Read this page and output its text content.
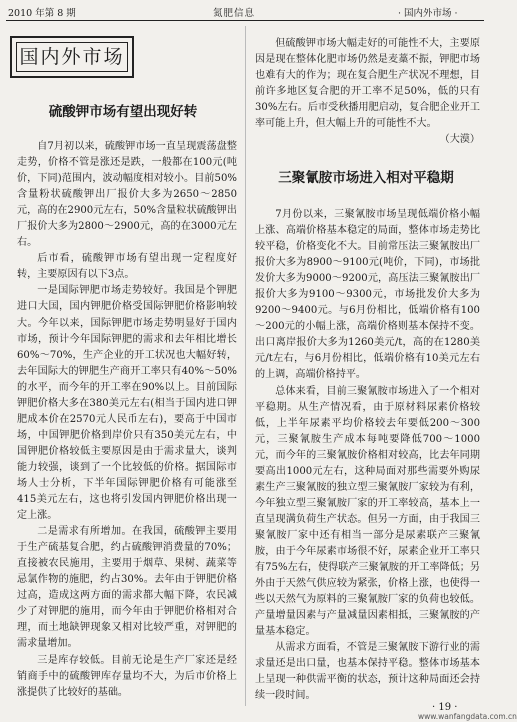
2010 年第 8 期	氮肥信息	· 国内外市场 ·
国内外市场
硫酸钾市场有望出现好转

自7月初以来，硫酸钾市场一直呈现震荡盘整走势，价格不管是涨还是跌，一般都在100元(吨价，下同)范围内，波动幅度相对较小。目前50%含量粉状硫酸钾出厂报价大多为2650～2850元，高的在2900元左右，50%含量粒状硫酸钾出厂报价大多为2800～2900元，高的在3000元左右。

后市看，硫酸钾市场有望出现一定程度好转，主要原因有以下3点。

一是国际钾肥市场走势较好。我国是个钾肥进口大国，国内钾肥价格受国际钾肥价格影响较大。今年以来，国际钾肥市场走势明显好于国内市场，预计今年国际钾肥的需求和去年相比增长60%～70%，生产企业的开工状况也大幅好转，去年国际大的钾肥生产商开工率只有40%～50%的水平，而今年的开工率在90%以上。目前国际钾肥价格大多在380美元左右(相当于国内进口钾肥成本价在2570元人民币左右)，要高于中国市场，中国钾肥价格到岸价只有350美元左右，中国钾肥价格较低主要原因是由于需求量大，谈判能力较强，谈到了一个比较低的价格。据国际市场人士分析，下半年国际钾肥价格有可能涨至415美元左右，这也将引发国内钾肥价格出现一定上涨。

二是需求有所增加。在我国，硫酸钾主要用于生产硫基复合肥，约占硫酸钾消费量的70%；直接被农民施用，主要用于烟草、果树、蔬菜等忌氯作物的施肥，约占30%。去年由于钾肥价格过高，造成这两方面的需求都大幅下降，农民减少了对钾肥的施用，而今年由于钾肥价格相对合理，而土地缺钾现象又相对比较严重，对钾肥的需求量增加。

三是库存较低。目前无论是生产厂家还是经销商手中的硫酸钾库存量均不大，为后市价格上涨提供了比较好的基础。

但硫酸钾市场大幅走好的可能性不大，主要原因是现在整体化肥市场仍然是麦藁不振，钾肥市场也难有大的作为；现在复合肥生产状况不理想，目前许多地区复合肥的开工率不足50%，低的只有30%左右。后市受秋播用肥启动，复合肥企业开工率可能上升，但大幅上升的可能性不大。

（大漠）

三聚氰胺市场进入相对平稳期

7月份以来，三聚氰胺市场呈现低端价格小幅上涨、高端价格基本稳定的局面，整体市场走势比较平稳，价格变化不大。目前常压法三聚氰胺出厂报价大多为8900～9100元(吨价，下同)，市场批发价大多为9000～9200元，高压法三聚氰胺出厂报价大多为9100～9300元，市场批发价大多为9200～9400元。与6月份相比，低端价格有100～200元的小幅上涨，高端价格则基本保持不变。出口离岸报价大多为1260美元/t，高的在1280美元/t左右，与6月份相比，低端价格有10美元左右的上调，高端价格持平。

总体来看，目前三聚氰胺市场进入了一个相对平稳期。从生产情况看，由于原材料尿素价格较低，上半年尿素平均价格较去年要低200～300元，三聚氰胺生产成本每吨要降低700～1000元，而今年的三聚氰胺价格相对较高，比去年同期要高出1000元左右，这种局面对那些需要外购尿素生产三聚氰胺的独立型三聚氰胺厂家较为有利，今年独立型三聚氰胺厂家的开工率较高，基本上一直呈现满负荷生产状态。但另一方面，由于我国三聚氰胺厂家中还有相当一部分是尿素联产三聚氰胺，由于今年尿素市场很不好，尿素企业开工率只有75%左右，使得联产三聚氰胺的开工率降低；另外由于天然气供应较为紧张，价格上涨，也使得一些以天然气为原料的三聚氰胺厂家的负荷也较低。产量增量因素与产量减量因素相抵，三聚氰胺的产量基本稳定。

从需求方面看，不管是三聚氰胺下游行业的需求量还是出口量，也基本保持平稳。整体市场基本上呈现一种供需平衡的状态，预计这种局面还会持续一段时间。

· 19 ·
www.wanfangdata.com.cn
